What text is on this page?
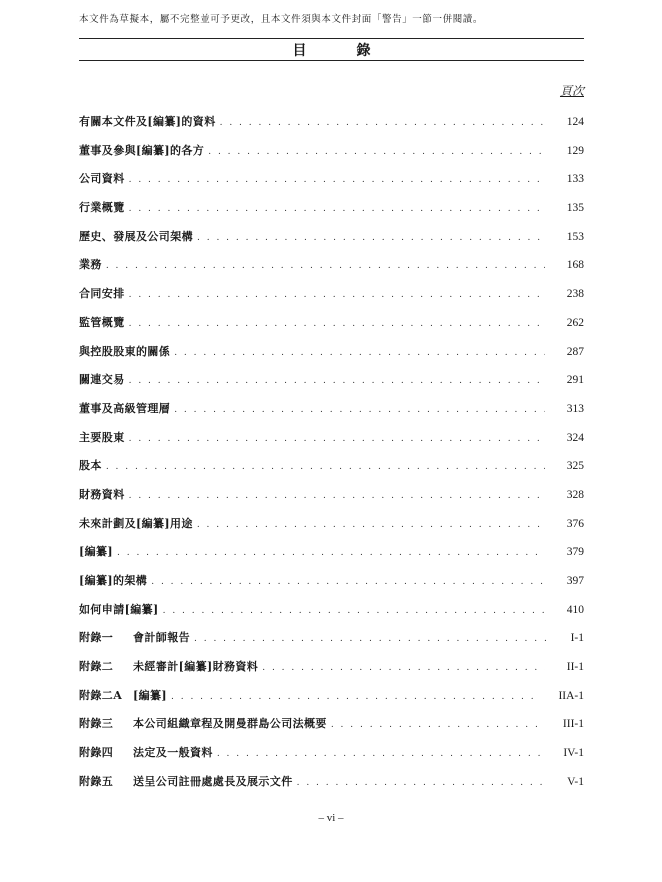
本文件為草擬本，屬不完整並可予更改，且本文件須與本文件封面「警告」一節一併閱讀。
目　錄
頁次
有關本文件及[編纂]的資料 . . .	124
董事及參與[編纂]的各方 . . .	129
公司資料 . . .	133
行業概覽 . . .	135
歷史、發展及公司架構 . . .	153
業務 . . .	168
合同安排 . . .	238
監管概覽 . . .	262
與控股股東的關係 . . .	287
關連交易 . . .	291
董事及高級管理層 . . .	313
主要股東 . . .	324
股本 . . .	325
財務資料 . . .	328
未來計劃及[編纂]用途 . . .	376
[編纂] . . .	379
[編纂]的架構 . . .	397
如何申請[編纂] . . .	410
附錄一	會計師報告 . . .	I-1
附錄二	未經審計[編纂]財務資料 . . .	II-1
附錄二A [編纂] . . .	IIA-1
附錄三	本公司組織章程及開曼群島公司法概要 . . .	III-1
附錄四	法定及一般資料 . . .	IV-1
附錄五	送呈公司註冊處處長及展示文件 . . .	V-1
– vi –
